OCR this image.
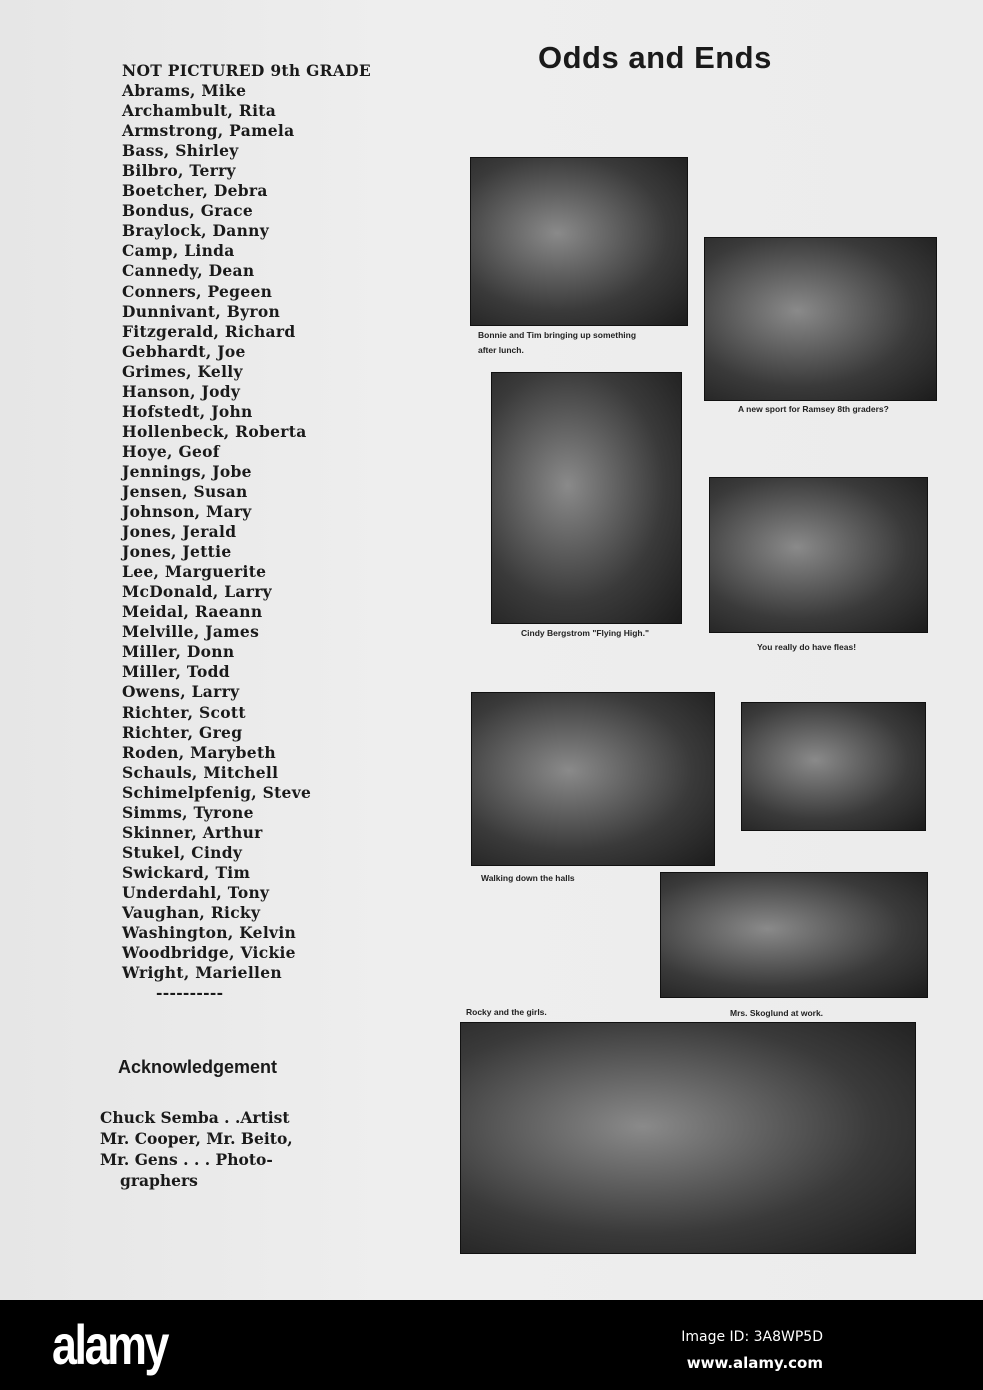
Odds and Ends
NOT PICTURED 9th GRADE
Abrams, Mike
Archambult, Rita
Armstrong, Pamela
Bass, Shirley
Bilbro, Terry
Boetcher, Debra
Bondus, Grace
Braylock, Danny
Camp, Linda
Cannedy, Dean
Conners, Pegeen
Dunnivant, Byron
Fitzgerald, Richard
Gebhardt, Joe
Grimes, Kelly
Hanson, Jody
Hofstedt, John
Hollenbeck, Roberta
Hoye, Geof
Jennings, Jobe
Jensen, Susan
Johnson, Mary
Jones, Jerald
Jones, Jettie
Lee, Marguerite
McDonald, Larry
Meidal, Raeann
Melville, James
Miller, Donn
Miller, Todd
Owens, Larry
Richter, Scott
Richter, Greg
Roden, Marybeth
Schauls, Mitchell
Schimelpfenig, Steve
Simms, Tyrone
Skinner, Arthur
Stukel, Cindy
Swickard, Tim
Underdahl, Tony
Vaughan, Ricky
Washington, Kelvin
Woodbridge, Vickie
Wright, Mariellen
----------
Acknowledgement
Chuck Semba . .Artist
Mr. Cooper, Mr. Beito,
Mr. Gens . . . Photo-
graphers
Bonnie and Tim bringing up something
after lunch.
A new sport for Ramsey 8th graders?
Cindy Bergstrom "Flying High."
You really do have fleas!
Walking down the halls
Rocky and the girls.	Mrs. Skoglund at work.
alamy	Image ID: 3A8WP5D
www.alamy.com
